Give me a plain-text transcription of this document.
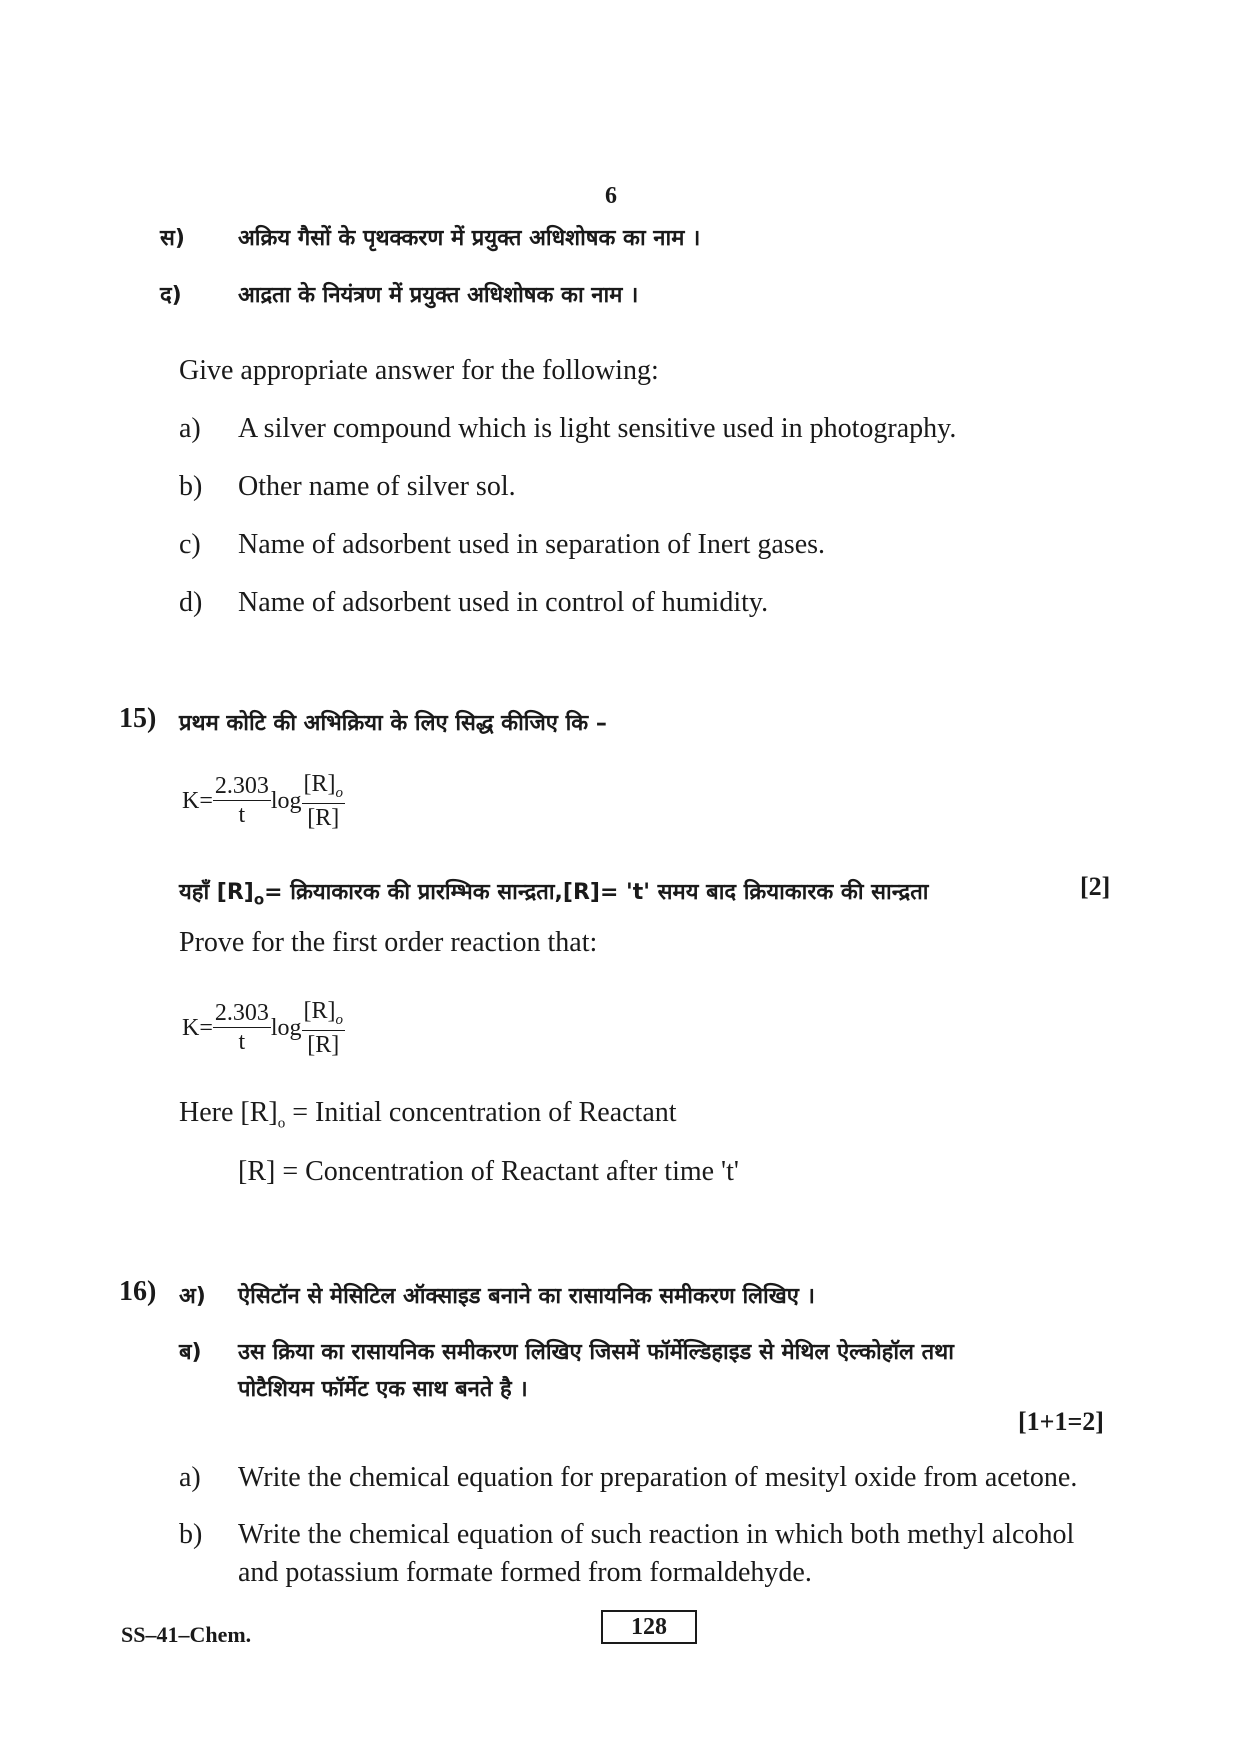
6
स) अक्रिय गैसों के पृथक्करण में प्रयुक्त अधिशोषक का नाम ।
द)	आद्रता के नियंत्रण में प्रयुक्त अधिशोषक का नाम ।
Give appropriate answer for the following:
a) A silver compound which is light sensitive used in photography.
b) Other name of silver sol.
c) Name of adsorbent used in separation of Inert gases.
d) Name of adsorbent used in control of humidity.
15) प्रथम कोटि की अभिक्रिया के लिए सिद्ध कीजिए कि –
$K= \frac{2.303}{t}$ $\log \frac{[R]_o}{[R]}$
यहाँ $[R]_o=$ क्रियाकारक की प्रारम्भिक सान्द्रता,[R]= 't' समय बाद क्रियाकारक की सान्द्रता	[2]
Prove for the first order reaction that:
$K= \frac{2.303}{t}$ $\log \frac{[R]_o}{[R]}$
Here $[R]_o$ = Initial concentration of Reactant
[R] = Concentration of Reactant after time 't'
16) अ) ऐसिटॉन से मेसिटिल ऑक्साइड बनाने का रासायनिक समीकरण लिखिए ।
ब) उस क्रिया का रासायनिक समीकरण लिखिए जिसमें फॉर्मेल्डिहाइड से मेथिल ऐल्कोहॉल तथा
पोटैशियम फॉर्मेट एक साथ बनते है ।
[1+1=2]
a) Write the chemical equation for preparation of mesityl oxide from acetone.
b) Write the chemical equation of such reaction in which both methyl alcohol
and potassium formate formed from formaldehyde.
SS–41–Chem.	128
